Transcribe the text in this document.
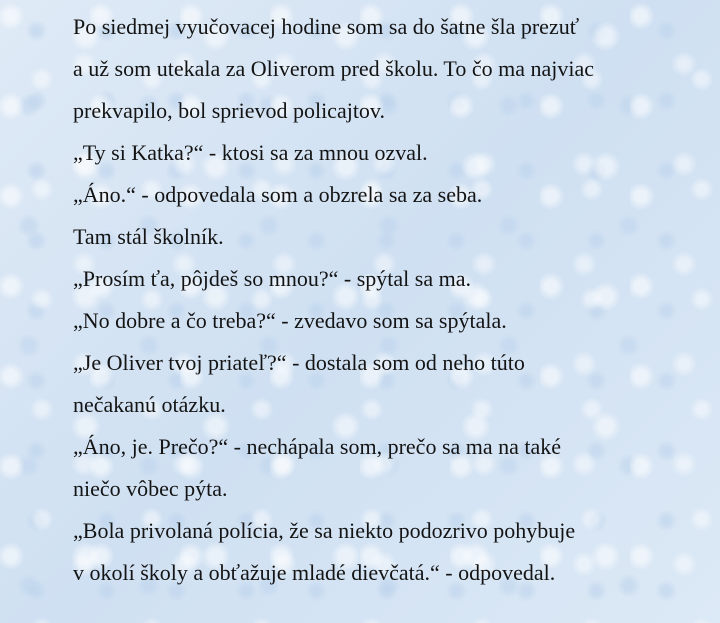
Po siedmej vyučovacej hodine som sa do šatne šla prezuť
a už som utekala za Oliverom pred školu. To čo ma najviac
prekvapilo, bol sprievod policajtov.
„Ty si Katka?“ - ktosi sa za mnou ozval.
„Áno.“ - odpovedala som a obzrela sa za seba.
Tam stál školník.
„Prosím ťa, pôjdeš so mnou?“ - spýtal sa ma.
„No dobre a čo treba?“ - zvedavo som sa spýtala.
„Je Oliver tvoj priateľ?“ - dostala som od neho túto
nečakanú otázku.
„Áno, je. Prečo?“ - nechápala som, prečo sa ma na také
niečo vôbec pýta.
„Bola privolaná polícia, že sa niekto podozrivo pohybuje
v okolí školy a obťažuje mladé dievčatá.“ - odpovedal.
